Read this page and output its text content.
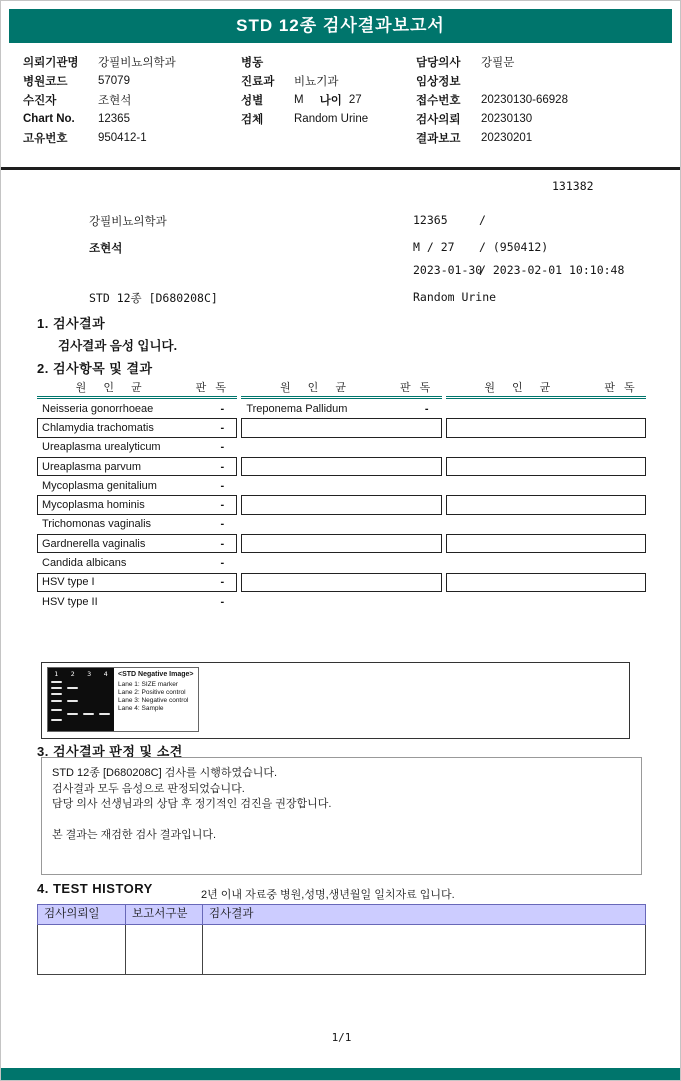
STD 12종 검사결과보고서
의뢰기관명	강필비뇨의학과
병원코드	57079
수진자	조현석
Chart No.	12365
고유번호	950412-1
병동
진료과	비뇨기과
성별	M 나이 27
검체	Random Urine
담당의사	강필문
임상정보
접수번호	20230130-66928
검사의뢰	20230130
결과보고	20230201
131382
강필비뇨의학과	12365	/
조현석	M / 27 / (950412)
2023-01-30
/ 2023-02-01 10:10:48
STD 12종 [D680208C]	Random Urine
1. 검사결과
검사결과 음성 입니다.
2. 검사항목 및 결과
원 인 균	판 독
Neisseria gonorrhoeae	-
Chlamydia trachomatis	-
Ureaplasma urealyticum	-
Ureaplasma parvum	-
Mycoplasma genitalium	-
Mycoplasma hominis	-
Trichomonas vaginalis	-
Gardnerella vaginalis	-
Candida albicans	-
HSV type I	-
HSV type II	-
원 인 균	판 독
Treponema Pallidum	-
원 인 균	판 독
1 2 3 4 <STD Negative Image>
Lane 1: SIZE marker
Lane 2: Positive control
Lane 3: Negative control
Lane 4: Sample
3. 검사결과 판정 및 소견
STD 12종 [D680208C] 검사를 시행하였습니다.
검사결과 모두 음성으로 판정되었습니다.
담당 의사 선생님과의 상담 후 정기적인 검진을 권장합니다.

본 결과는 재검한 검사 결과입니다.
4. TEST HISTORY	2년 이내 자료중 병원,성명,생년월일 일치자료 입니다.
검사의뢰일	보고서구분	검사결과
1/1
